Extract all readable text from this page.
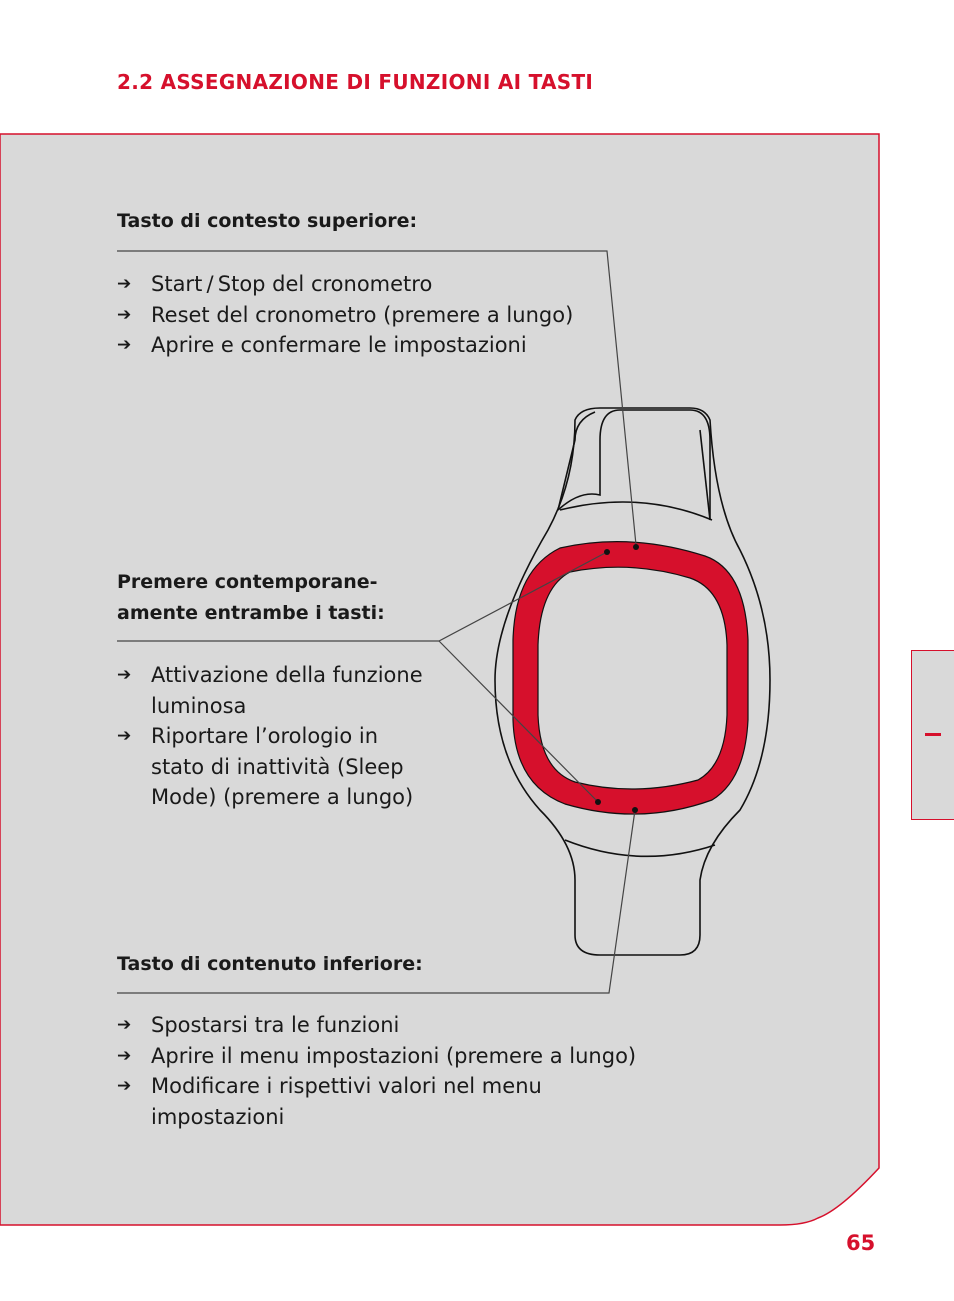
2.2 ASSEGNAZIONE DI FUNZIONI AI TASTI
Tasto di contesto superiore:
➔ Start / Stop del cronometro
➔ Reset del cronometro (premere a lungo)
➔ Aprire e confermare le impostazioni
Premere contemporane-
amente entrambe i tasti:
➔ Attivazione della funzione
luminosa
➔ Riportare l’orologio in
stato di inattività (Sleep
Mode) (premere a lungo)
Tasto di contenuto inferiore:
➔ Spostarsi tra le funzioni
➔ Aprire il menu impostazioni (premere a lungo)
➔ Modificare i rispettivi valori nel menu
impostazioni
65
